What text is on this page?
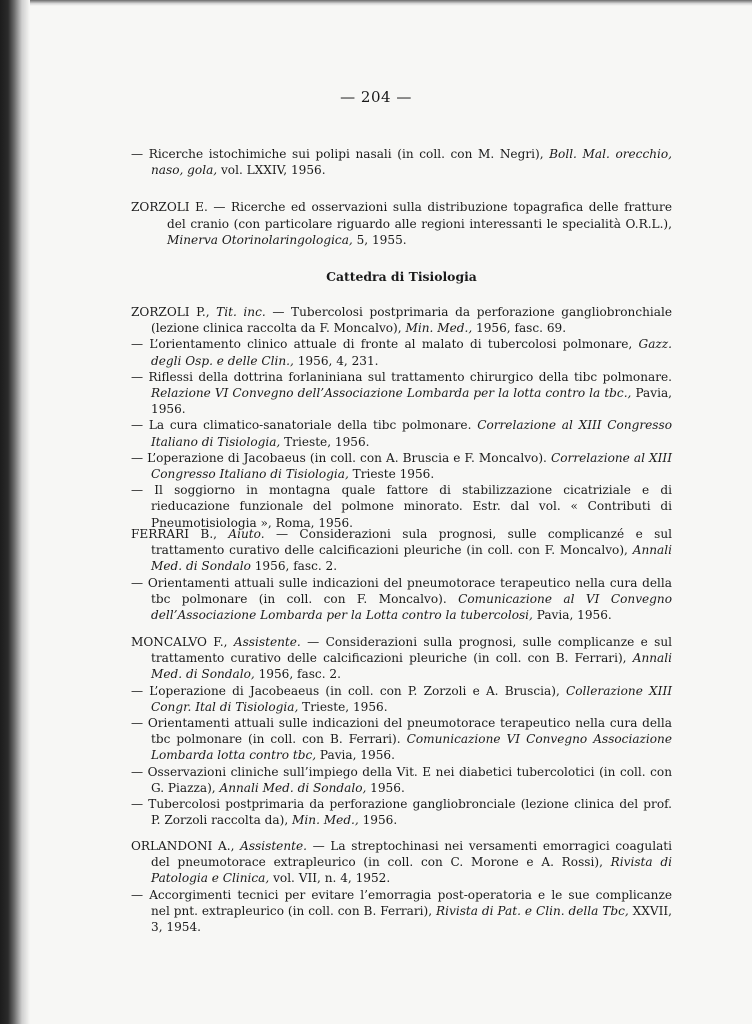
— 204 —
— Ricerche istochimiche sui polipi nasali (in coll. con M. Negri), Boll. Mal. orecchio, naso, gola, vol. LXXIV, 1956.
ZORZOLI E. — Ricerche ed osservazioni sulla distribuzione topagrafica delle fratture del cranio (con particolare riguardo alle regioni interessanti le specialità O.R.L.), Minerva Otorinolaringologica, 5, 1955.

Cattedra di Tisiologia

ZORZOLI P., Tit. inc. — Tubercolosi postprimaria da perforazione gangliobronchiale (lezione clinica raccolta da F. Moncalvo), Min. Med., 1956, fasc. 69.
— L’orientamento clinico attuale di fronte al malato di tubercolosi polmonare, Gazz. degli Osp. e delle Clin., 1956, 4, 231.
— Riflessi della dottrina forlaniniana sul trattamento chirurgico della tibc polmonare. Relazione VI Convegno dell’Associazione Lombarda per la lotta contro la tbc., Pavia, 1956.
— La cura climatico-sanatoriale della tibc polmonare. Correlazione al XIII Congresso Italiano di Tisiologia, Trieste, 1956.
— L’operazione di Jacobaeus (in coll. con A. Bruscia e F. Moncalvo). Correlazione al XIII Congresso Italiano di Tisiologia, Trieste 1956.
— Il soggiorno in montagna quale fattore di stabilizzazione cicatriziale e di rieducazione funzionale del polmone minorato. Estr. dal vol. « Contributi di Pneumotisiologia », Roma, 1956.
FERRARI B., Aiuto. — Considerazioni sula prognosi, sulle complicanzé e sul trattamento curativo delle calcificazioni pleuriche (in coll. con F. Moncalvo), Annali Med. di Sondalo 1956, fasc. 2.
— Orientamenti attuali sulle indicazioni del pneumotorace terapeutico nella cura della tbc polmonare (in coll. con F. Moncalvo). Comunicazione al VI Convegno dell’Associazione Lombarda per la Lotta contro la tubercolosi, Pavia, 1956.
MONCALVO F., Assistente. — Considerazioni sulla prognosi, sulle complicanze e sul trattamento curativo delle calcificazioni pleuriche (in coll. con B. Ferrari), Annali Med. di Sondalo, 1956, fasc. 2.
— L’operazione di Jacobeaeus (in coll. con P. Zorzoli e A. Bruscia), Collerazione XIII Congr. Ital di Tisiologia, Trieste, 1956.
— Orientamenti attuali sulle indicazioni del pneumotorace terapeutico nella cura della tbc polmonare (in coll. con B. Ferrari). Comunicazione VI Convegno Associazione Lombarda lotta contro tbc, Pavia, 1956.
— Osservazioni cliniche sull’impiego della Vit. E nei diabetici tubercolotici (in coll. con G. Piazza), Annali Med. di Sondalo, 1956.
— Tubercolosi postprimaria da perforazione gangliobronciale (lezione clinica del prof. P. Zorzoli raccolta da), Min. Med., 1956.
ORLANDONI A., Assistente. — La streptochinasi nei versamenti emorragici coagulati del pneumotorace extrapleurico (in coll. con C. Morone e A. Rossi), Rivista di Patologia e Clinica, vol. VII, n. 4, 1952.
— Accorgimenti tecnici per evitare l’emorragia post-operatoria e le sue complicanze nel pnt. extrapleurico (in coll. con B. Ferrari), Rivista di Pat. e Clin. della Tbc, XXVII, 3, 1954.
